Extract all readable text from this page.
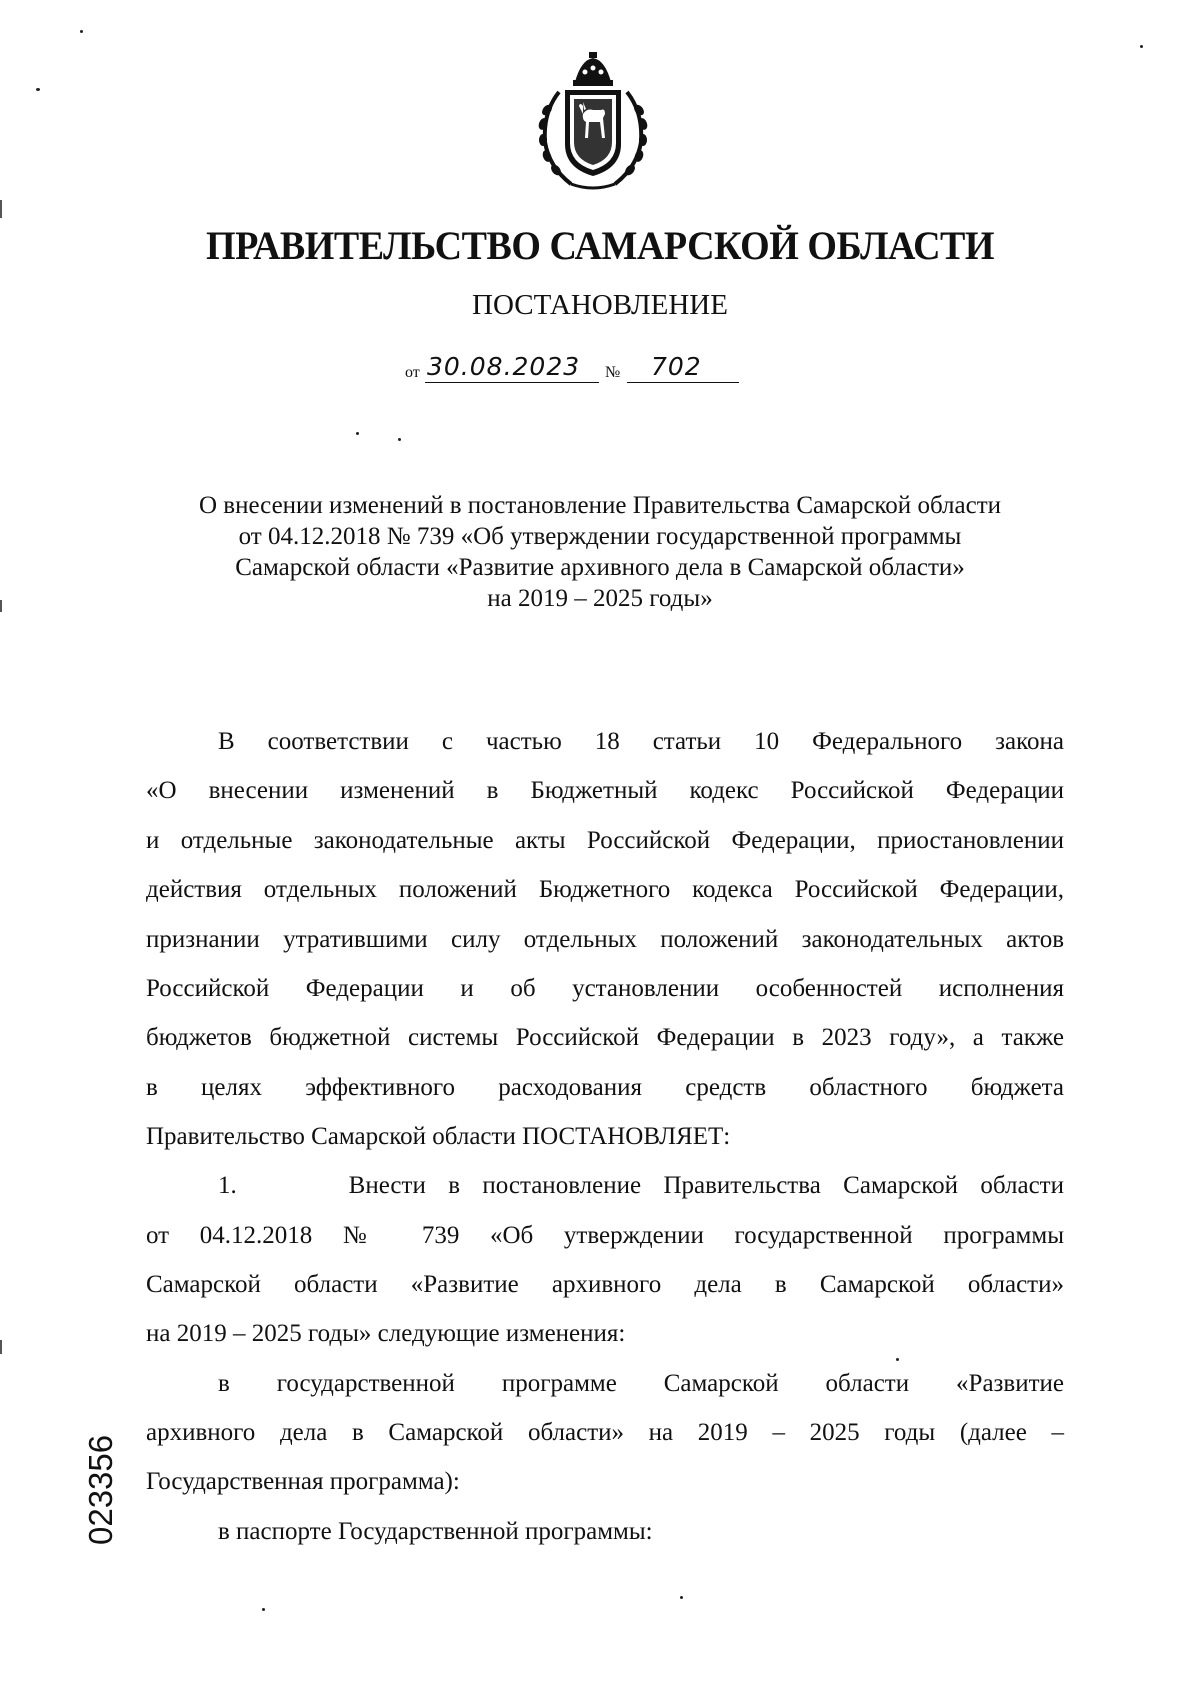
ПРАВИТЕЛЬСТВО САМАРСКОЙ ОБЛАСТИ
ПОСТАНОВЛЕНИЕ
от 30.08.2023 № 702
О внесении изменений в постановление Правительства Самарской области
от 04.12.2018 № 739 «Об утверждении государственной программы
Самарской области «Развитие архивного дела в Самарской области»
на 2019 – 2025 годы»
В соответствии с частью 18 статьи 10 Федерального закона
«О внесении изменений в Бюджетный кодекс Российской Федерации
и отдельные законодательные акты Российской Федерации, приостановлении
действия отдельных положений Бюджетного кодекса Российской Федерации,
признании утратившими силу отдельных положений законодательных актов
Российской Федерации и об установлении особенностей исполнения
бюджетов бюджетной системы Российской Федерации в 2023 году», а также
в целях эффективного расходования средств областного бюджета
Правительство Самарской области ПОСТАНОВЛЯЕТ:
1.     Внести в постановление Правительства Самарской области
от 04.12.2018 № 739 «Об утверждении государственной программы
Самарской области «Развитие архивного дела в Самарской области»
на 2019 – 2025 годы» следующие изменения:
в государственной программе Самарской области «Развитие
архивного дела в Самарской области» на 2019 – 2025 годы (далее –
Государственная программа):
в паспорте Государственной программы:
023356
